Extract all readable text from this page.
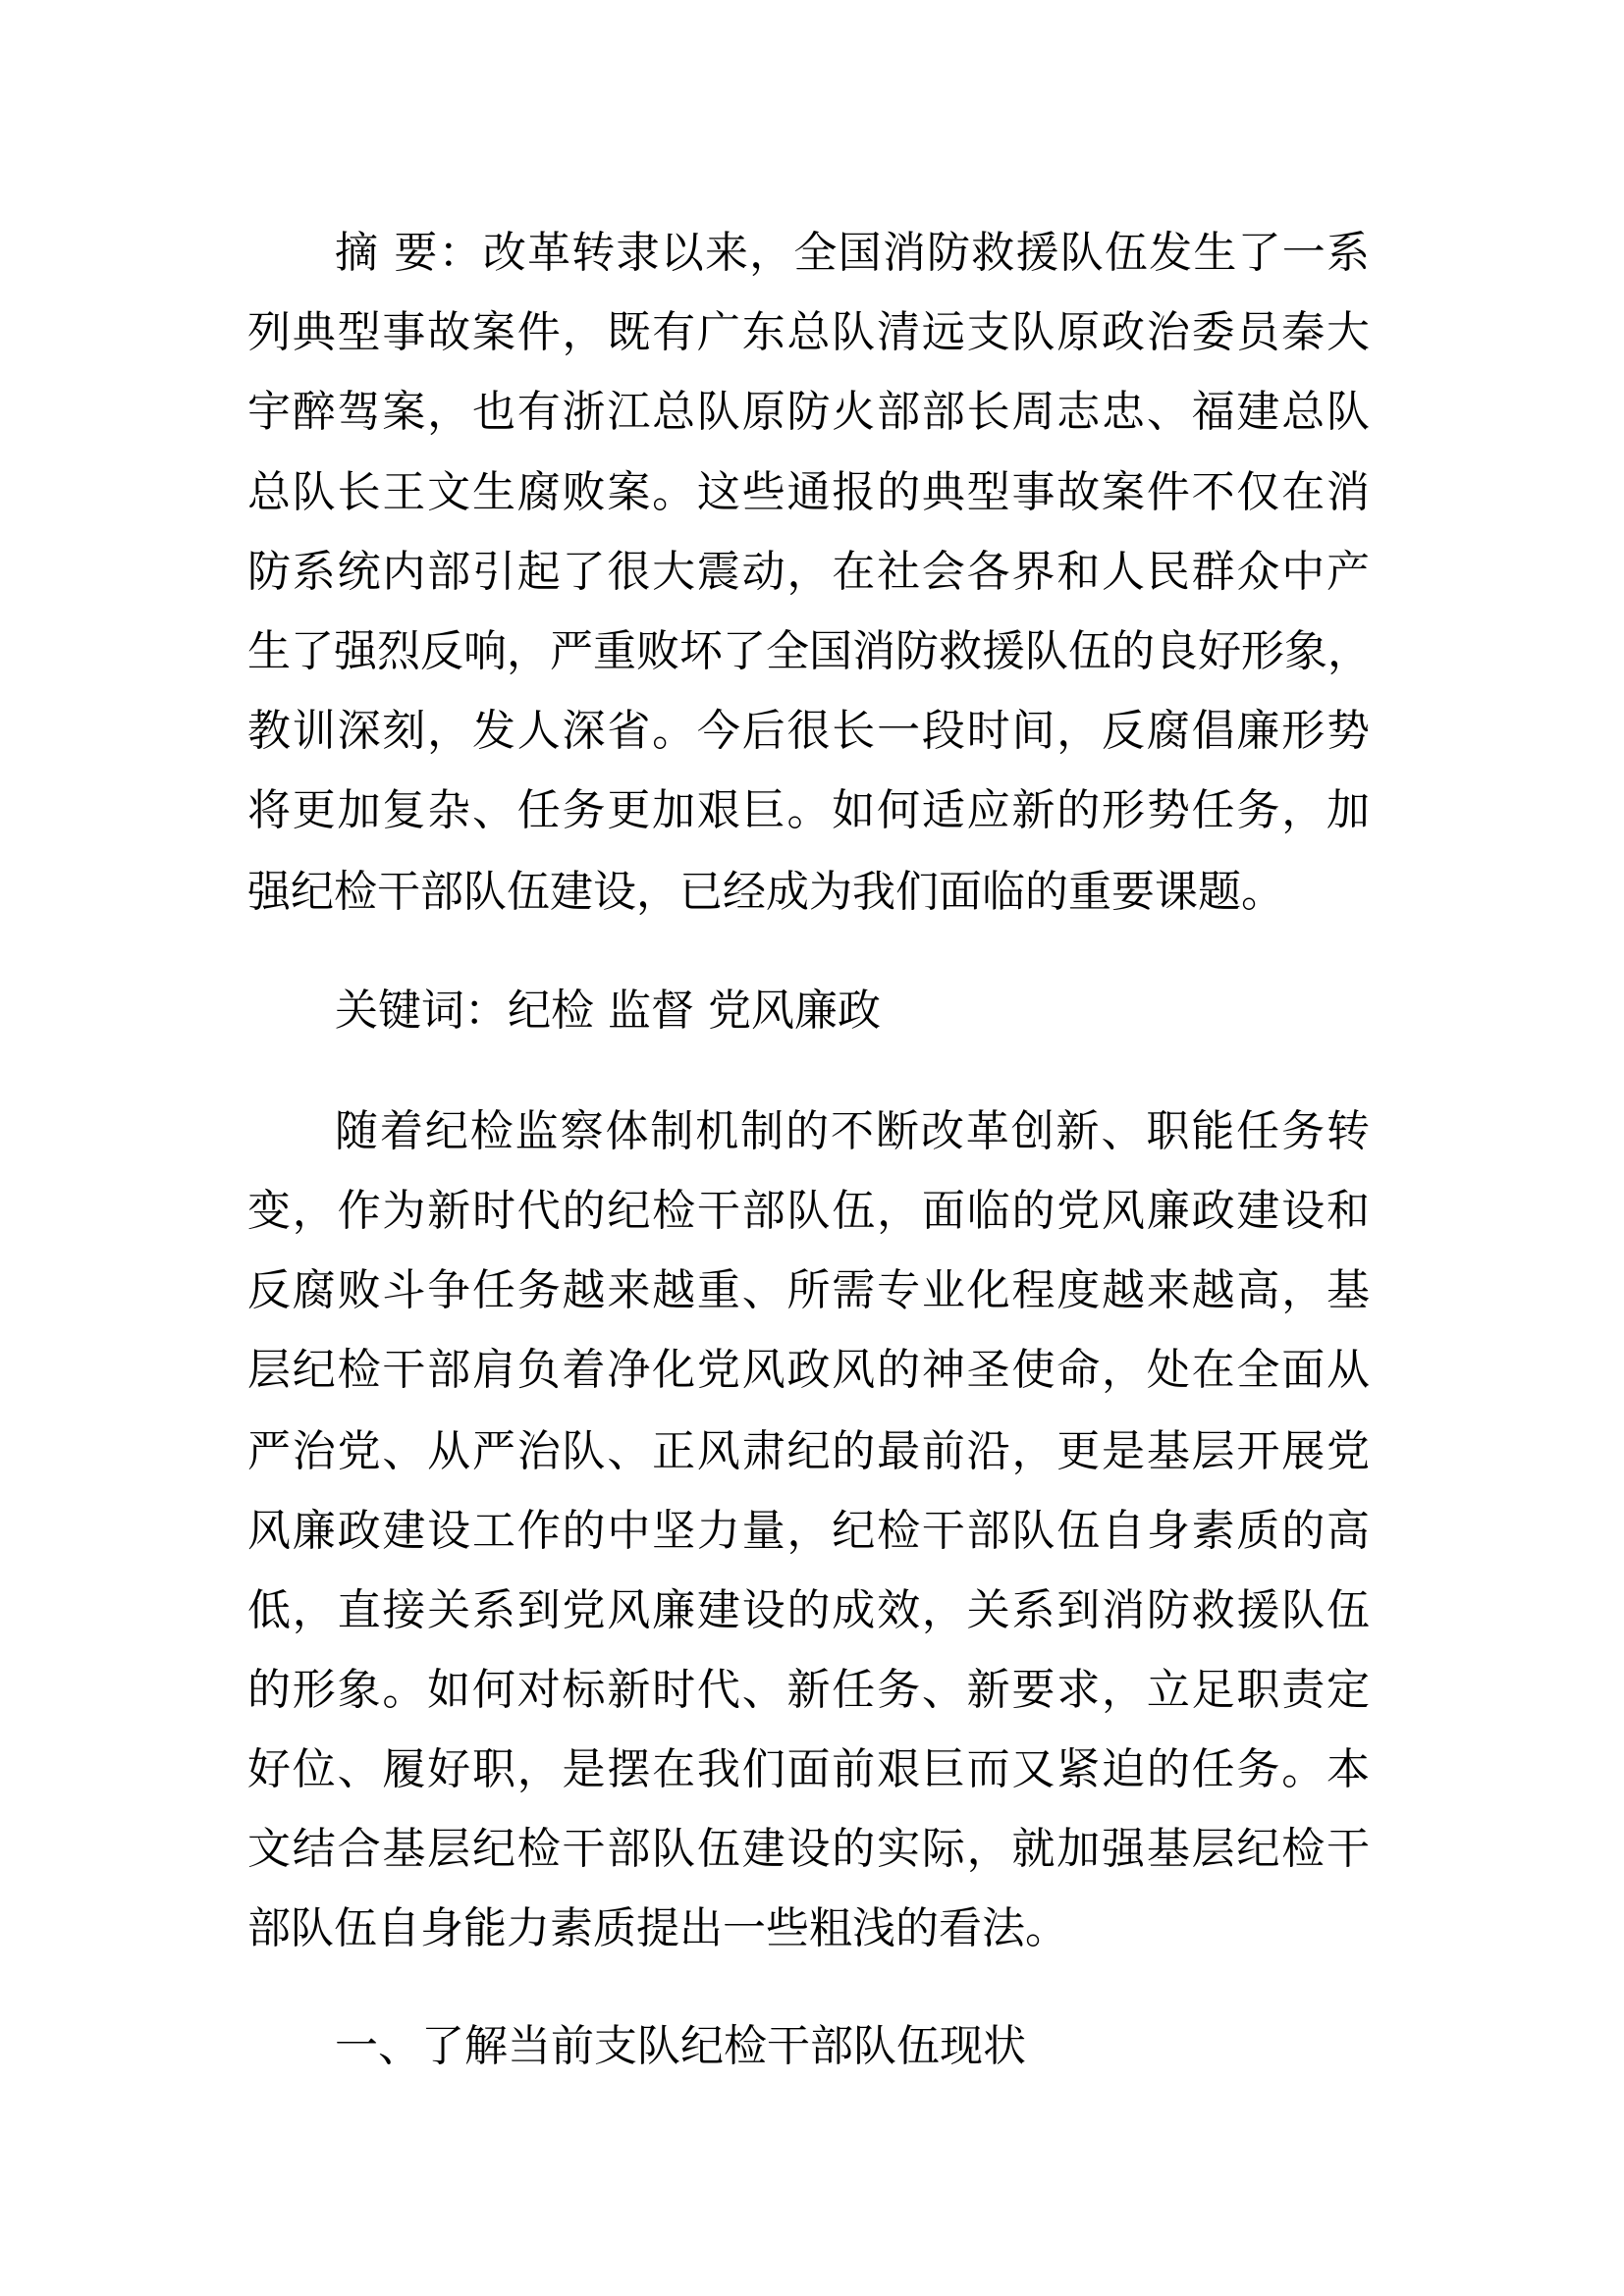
摘 要：改革转隶以来，全国消防救援队伍发生了一系
列典型事故案件，既有广东总队清远支队原政治委员秦大
宇醉驾案，也有浙江总队原防火部部长周志忠、福建总队
总队长王文生腐败案。这些通报的典型事故案件不仅在消
防系统内部引起了很大震动，在社会各界和人民群众中产
生了强烈反响，严重败坏了全国消防救援队伍的良好形象，
教训深刻，发人深省。今后很长一段时间，反腐倡廉形势
将更加复杂、任务更加艰巨。如何适应新的形势任务，加
强纪检干部队伍建设，已经成为我们面临的重要课题。
关键词：纪检 监督 党风廉政
随着纪检监察体制机制的不断改革创新、职能任务转
变，作为新时代的纪检干部队伍，面临的党风廉政建设和
反腐败斗争任务越来越重、所需专业化程度越来越高，基
层纪检干部肩负着净化党风政风的神圣使命，处在全面从
严治党、从严治队、正风肃纪的最前沿，更是基层开展党
风廉政建设工作的中坚力量，纪检干部队伍自身素质的高
低，直接关系到党风廉建设的成效，关系到消防救援队伍
的形象。如何对标新时代、新任务、新要求，立足职责定
好位、履好职，是摆在我们面前艰巨而又紧迫的任务。本
文结合基层纪检干部队伍建设的实际，就加强基层纪检干
部队伍自身能力素质提出一些粗浅的看法。
一、了解当前支队纪检干部队伍现状
